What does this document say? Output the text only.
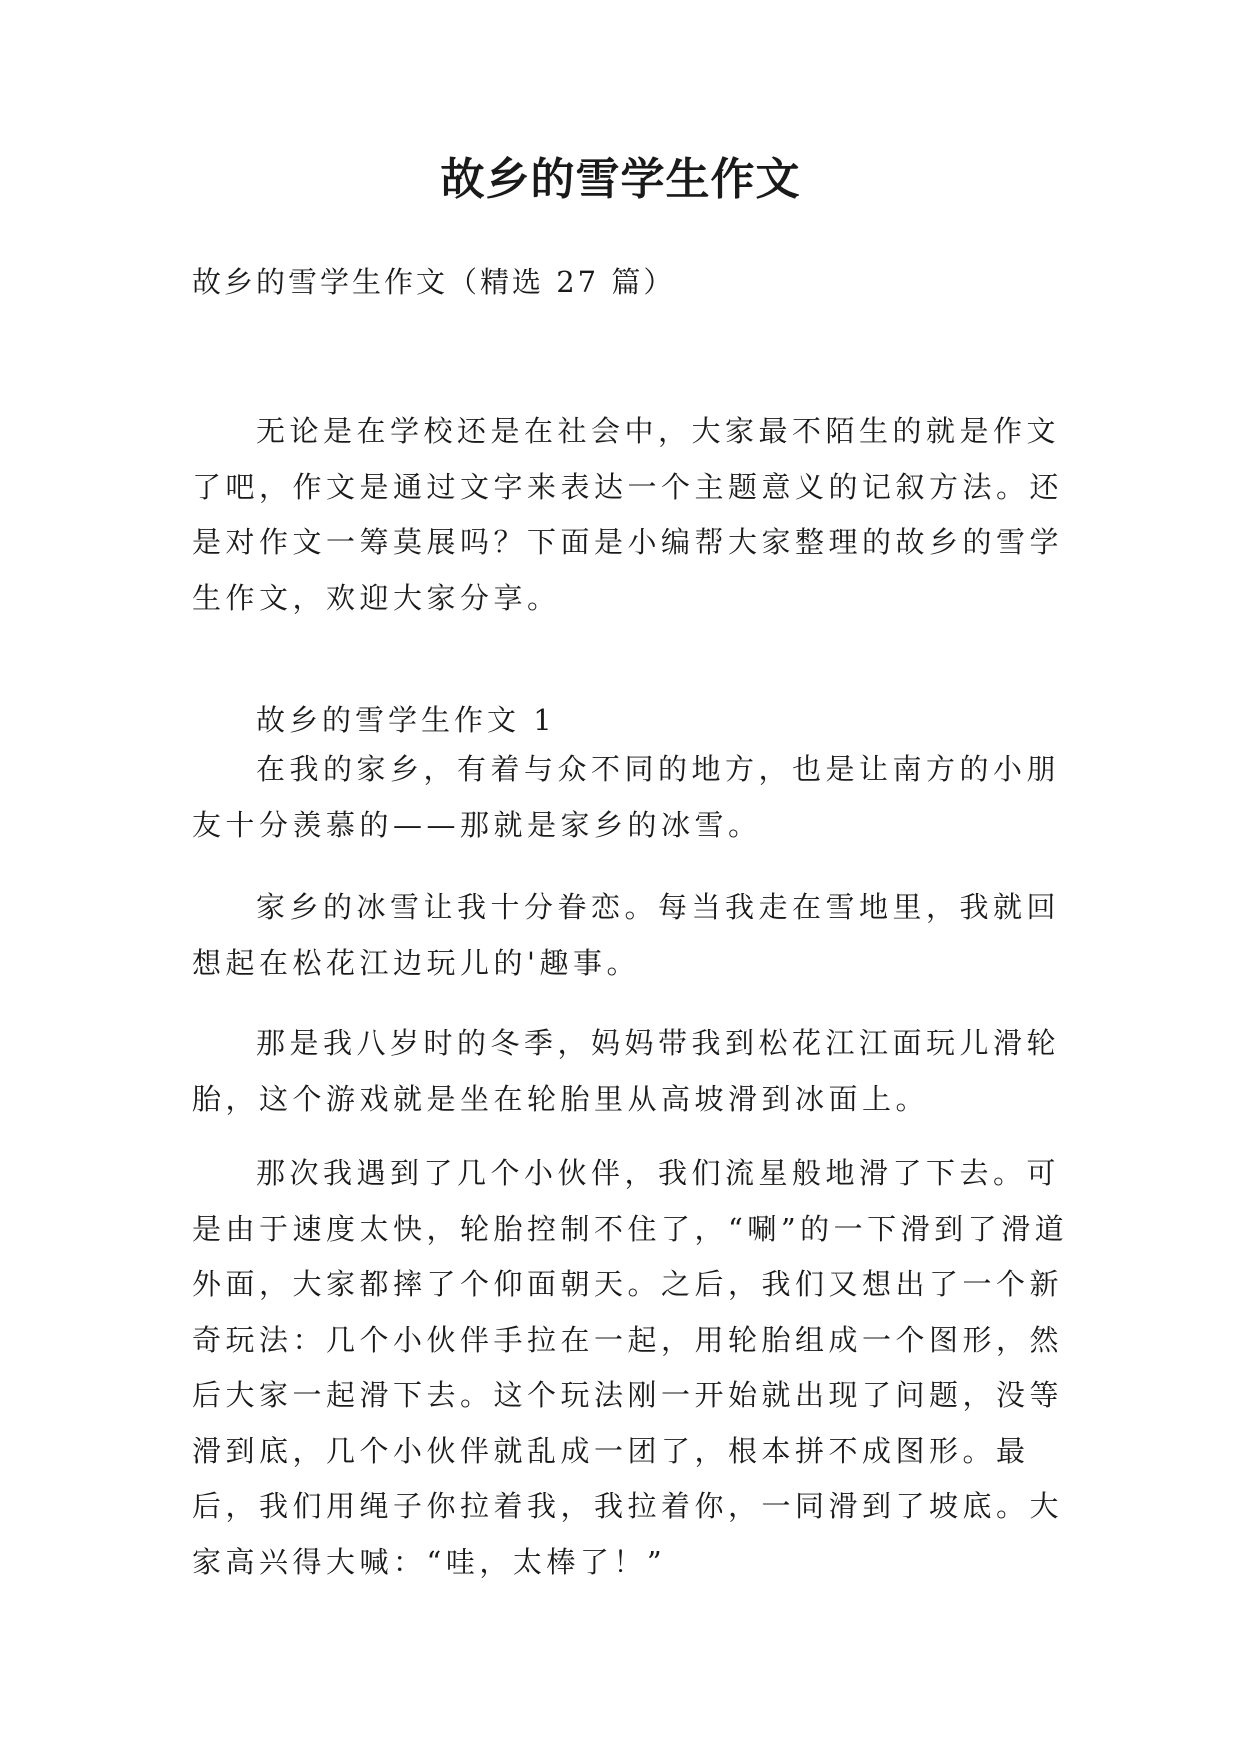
故乡的雪学生作文

故乡的雪学生作文（精选 27 篇）

无论是在学校还是在社会中，大家最不陌生的就是作文了吧，作文是通过文字来表达一个主题意义的记叙方法。还是对作文一筹莫展吗？下面是小编帮大家整理的故乡的雪学生作文，欢迎大家分享。

故乡的雪学生作文 1

在我的家乡，有着与众不同的地方，也是让南方的小朋友十分羡慕的——那就是家乡的冰雪。

家乡的冰雪让我十分眷恋。每当我走在雪地里，我就回想起在松花江边玩儿的'趣事。

那是我八岁时的冬季，妈妈带我到松花江江面玩儿滑轮胎，这个游戏就是坐在轮胎里从高坡滑到冰面上。

那次我遇到了几个小伙伴，我们流星般地滑了下去。可是由于速度太快，轮胎控制不住了，“唰”的一下滑到了滑道外面，大家都摔了个仰面朝天。之后，我们又想出了一个新奇玩法：几个小伙伴手拉在一起，用轮胎组成一个图形，然后大家一起滑下去。这个玩法刚一开始就出现了问题，没等滑到底，几个小伙伴就乱成一团了，根本拼不成图形。最后，我们用绳子你拉着我，我拉着你，一同滑到了坡底。大家高兴得大喊：“哇，太棒了！”
